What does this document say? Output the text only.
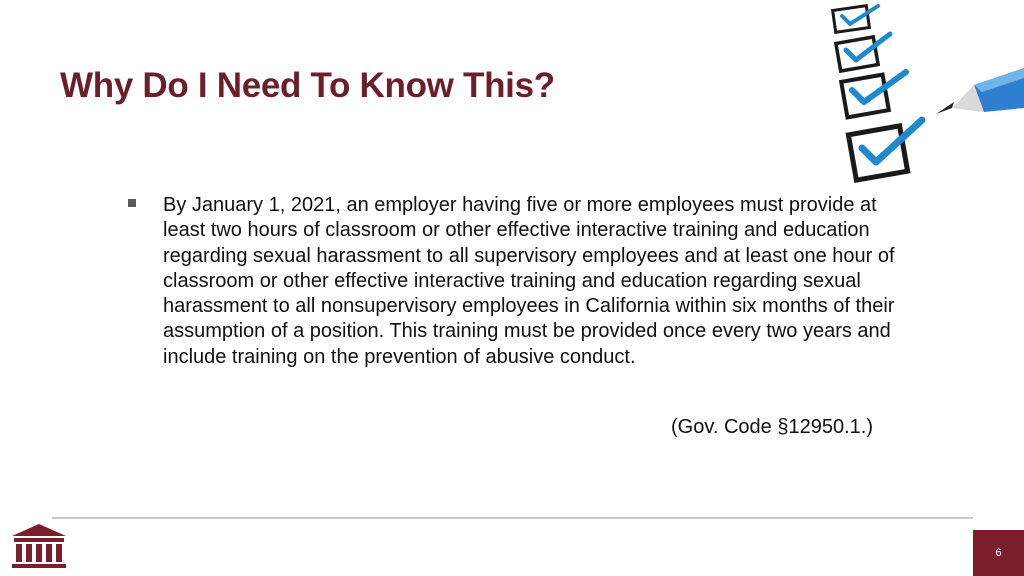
Why Do I Need To Know This?
By January 1, 2021, an employer having five or more employees must provide at least two hours of classroom or other effective interactive training and education regarding sexual harassment to all supervisory employees and at least one hour of classroom or other effective interactive training and education regarding sexual harassment to all nonsupervisory employees in California within six months of their assumption of a position. This training must be provided once every two years and include training on the prevention of abusive conduct.
(Gov. Code §12950.1.)
6
